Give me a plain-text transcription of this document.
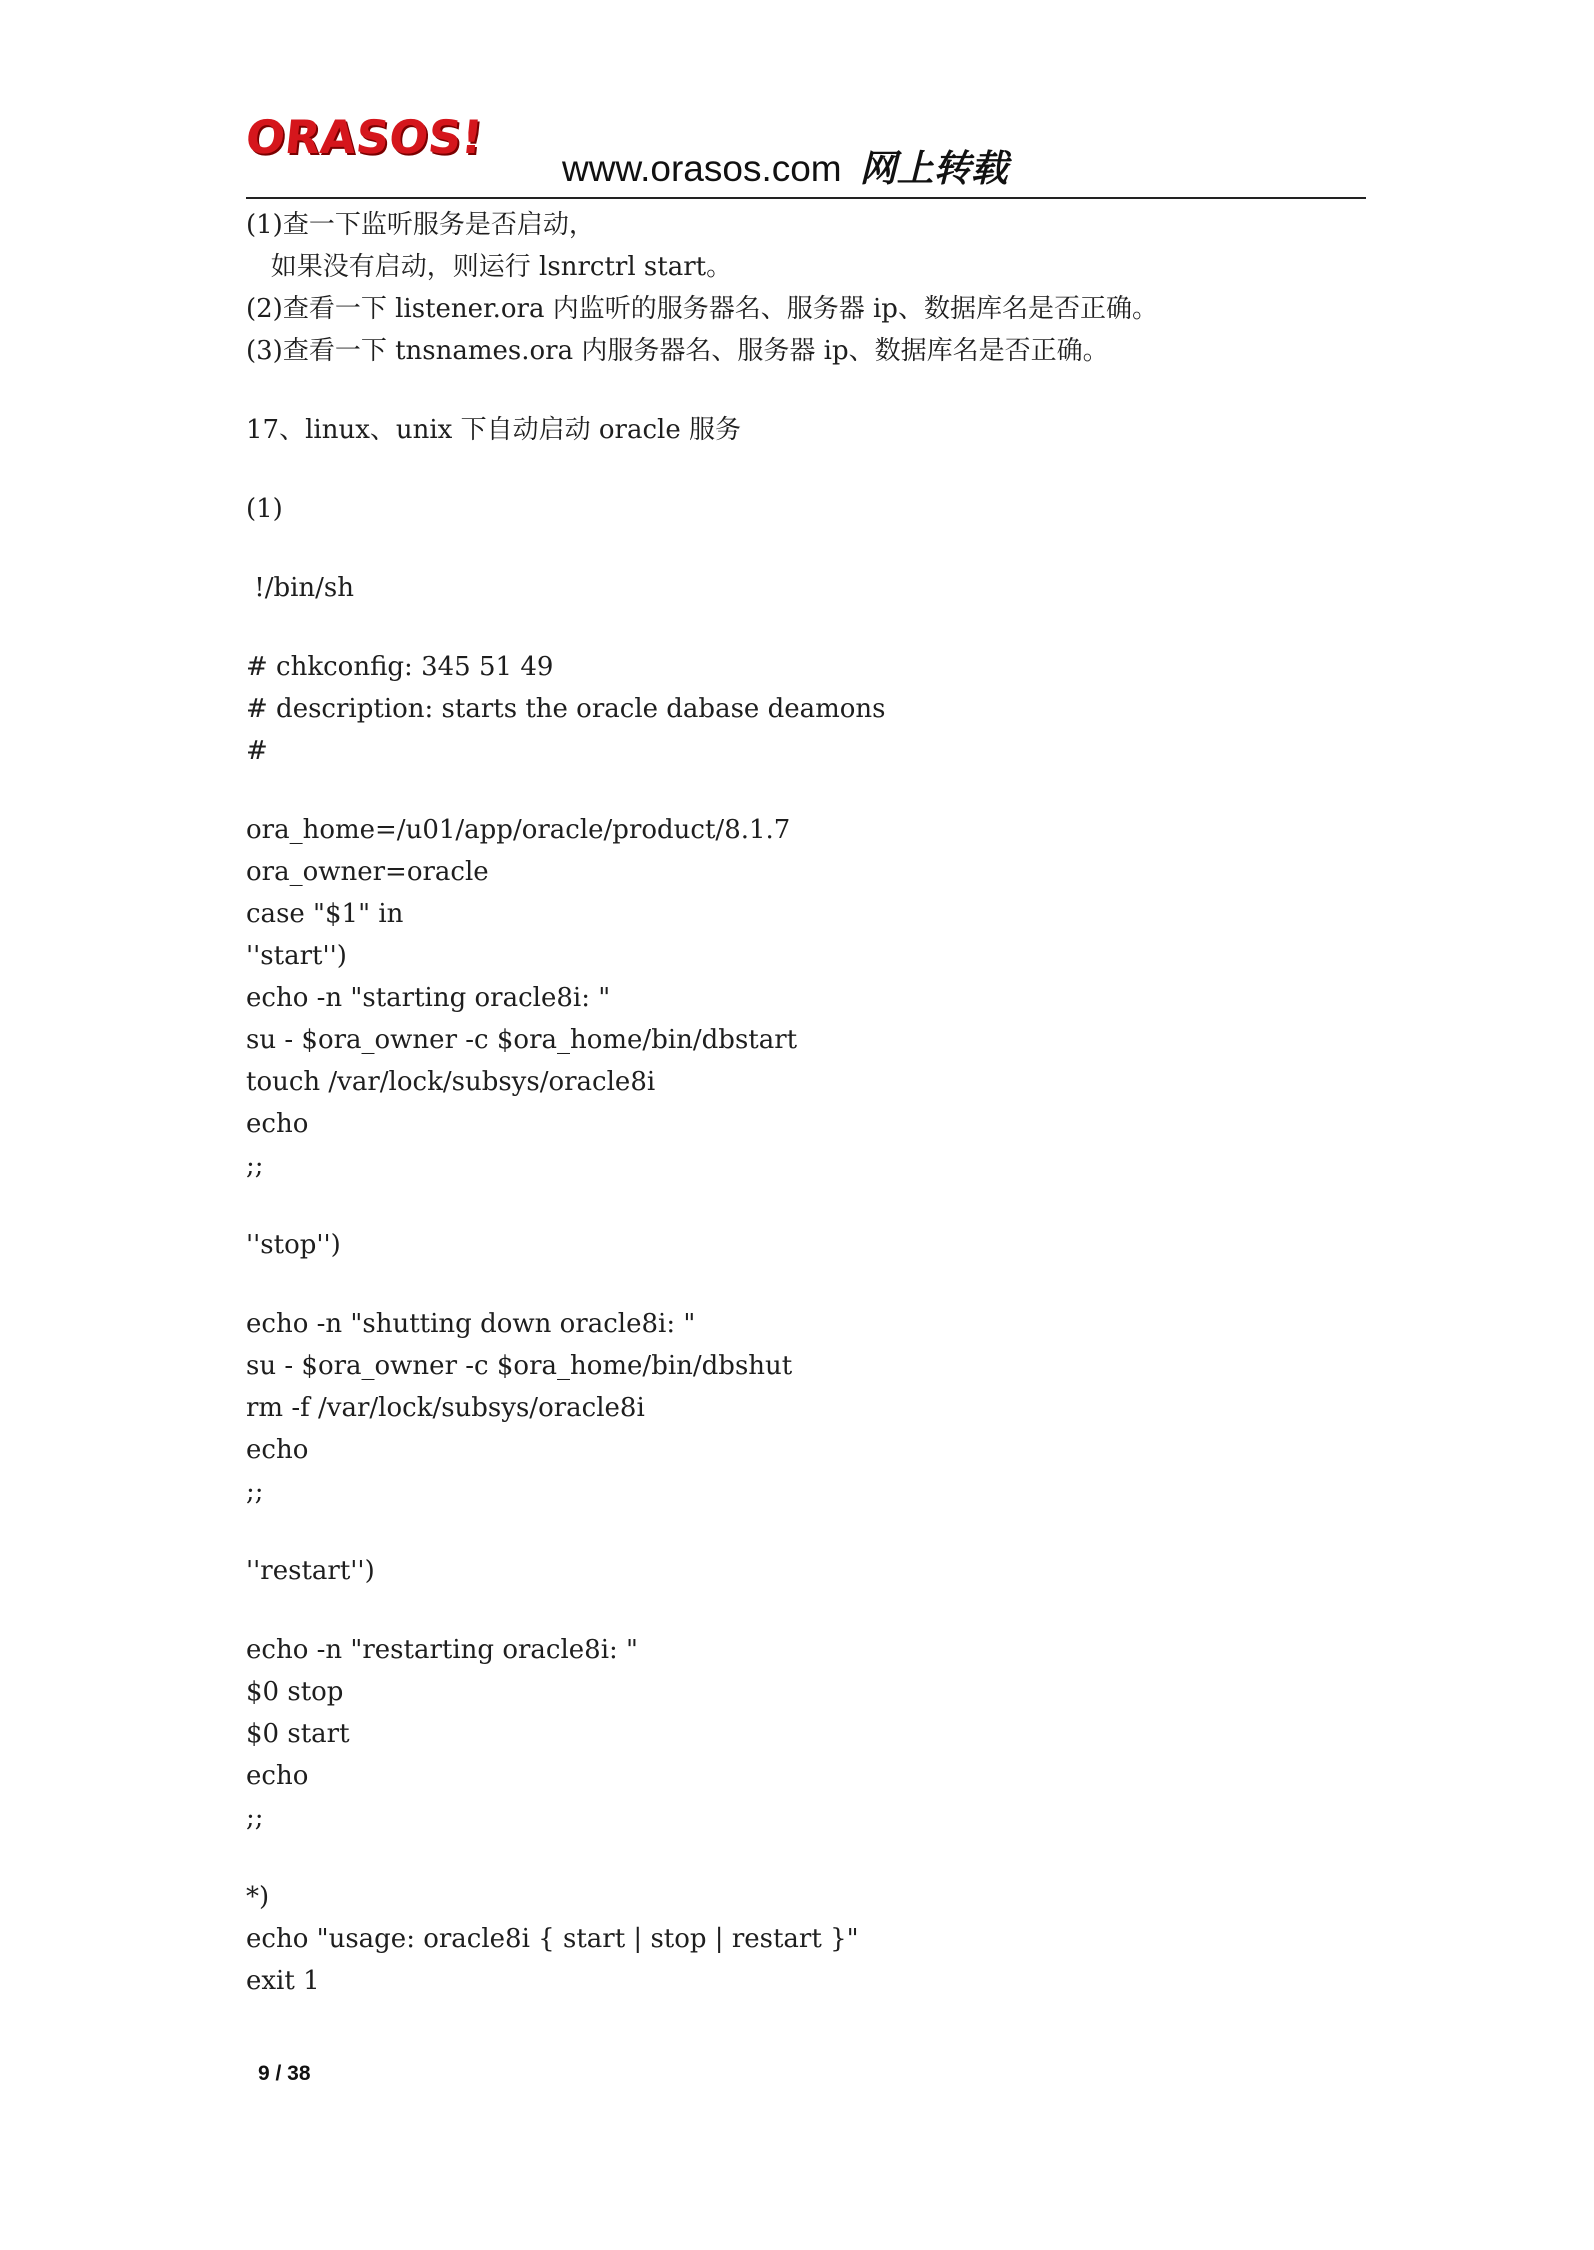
ORASOS!
www.orasos.com 网上转载
(1)查一下监听服务是否启动，
如果没有启动，则运行 lsnrctrl start。
(2)查看一下 listener.ora 内监听的服务器名、服务器 ip、数据库名是否正确。
(3)查看一下 tnsnames.ora 内服务器名、服务器 ip、数据库名是否正确。
17、linux、unix 下自动启动 oracle 服务
(1)
!/bin/sh
# chkconfig: 345 51 49
# description: starts the oracle dabase deamons
#
ora_home=/u01/app/oracle/product/8.1.7
ora_owner=oracle
case "$1" in
''start'')
echo -n "starting oracle8i: "
su - $ora_owner -c $ora_home/bin/dbstart
touch /var/lock/subsys/oracle8i
echo
;;
''stop'')
echo -n "shutting down oracle8i: "
su - $ora_owner -c $ora_home/bin/dbshut
rm -f /var/lock/subsys/oracle8i
echo
;;
''restart'')
echo -n "restarting oracle8i: "
$0 stop
$0 start
echo
;;
*)
echo "usage: oracle8i { start | stop | restart }"
exit 1
9 / 38
